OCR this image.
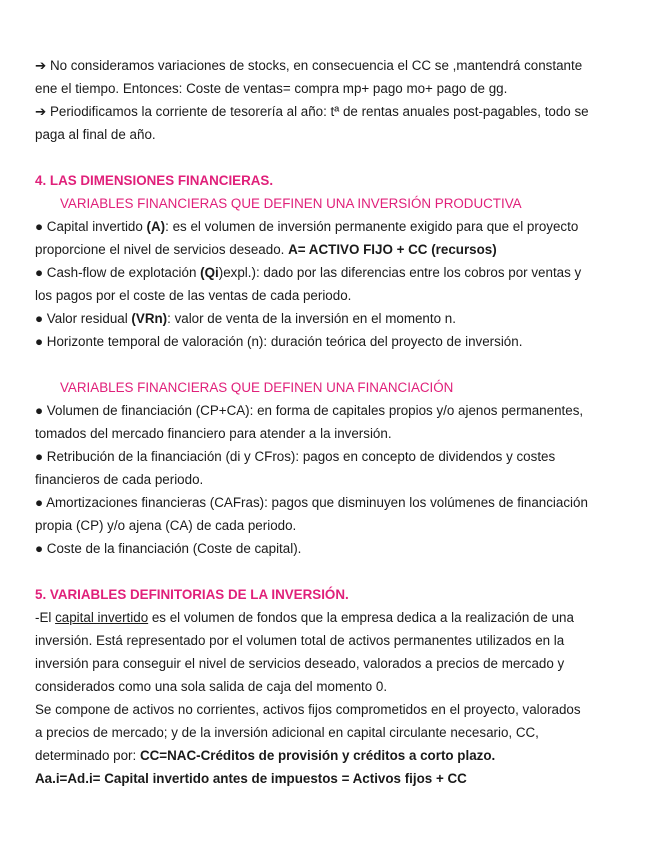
➔ No consideramos variaciones de stocks, en consecuencia el CC se ,mantendrá constante
ene el tiempo. Entonces: Coste de ventas= compra mp+ pago mo+ pago de gg.
➔ Periodificamos la corriente de tesorería al año: tª de rentas anuales post-pagables, todo se
paga al final de año.
4. LAS DIMENSIONES FINANCIERAS.
VARIABLES FINANCIERAS QUE DEFINEN UNA INVERSIÓN PRODUCTIVA
● Capital invertido (A): es el volumen de inversión permanente exigido para que el proyecto
proporcione el nivel de servicios deseado. A= ACTIVO FIJO + CC (recursos)
● Cash-flow de explotación (Qi)expl.): dado por las diferencias entre los cobros por ventas y
los pagos por el coste de las ventas de cada periodo.
● Valor residual (VRn): valor de venta de la inversión en el momento n.
● Horizonte temporal de valoración (n): duración teórica del proyecto de inversión.
VARIABLES FINANCIERAS QUE DEFINEN UNA FINANCIACIÓN
● Volumen de financiación (CP+CA): en forma de capitales propios y/o ajenos permanentes,
tomados del mercado financiero para atender a la inversión.
● Retribución de la financiación (di y CFros): pagos en concepto de dividendos y costes
financieros de cada periodo.
● Amortizaciones financieras (CAFras): pagos que disminuyen los volúmenes de financiación
propia (CP) y/o ajena (CA) de cada periodo.
● Coste de la financiación (Coste de capital).
5. VARIABLES DEFINITORIAS DE LA INVERSIÓN.
-El capital invertido es el volumen de fondos que la empresa dedica a la realización de una
inversión. Está representado por el volumen total de activos permanentes utilizados en la
inversión para conseguir el nivel de servicios deseado, valorados a precios de mercado y
considerados como una sola salida de caja del momento 0.
Se compone de activos no corrientes, activos fijos comprometidos en el proyecto, valorados
a precios de mercado; y de la inversión adicional en capital circulante necesario, CC,
determinado por: CC=NAC-Créditos de provisión y créditos a corto plazo.
Aa.i=Ad.i= Capital invertido antes de impuestos = Activos fijos + CC
